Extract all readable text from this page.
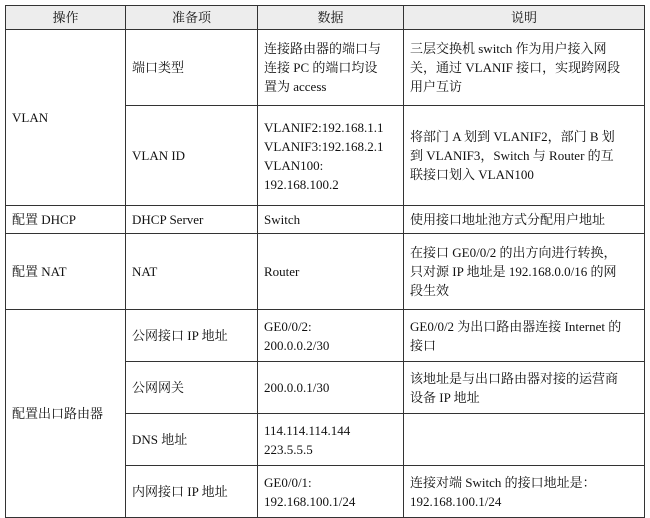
操作	准备项	数据	说明
VLAN	端口类型	连接路由器的端口与
连接 PC 的端口均设
置为 access	三层交换机 switch 作为用户接入网
关，通过 VLANIF 接口，实现跨网段
用户互访
	VLAN ID	VLANIF2:192.168.1.1
VLANIF3:192.168.2.1
VLAN100:
192.168.100.2	将部门 A 划到 VLANIF2，部门 B 划
到 VLANIF3，Switch 与 Router 的互
联接口划入 VLAN100
配置 DHCP	DHCP Server	Switch	使用接口地址池方式分配用户地址
配置 NAT	NAT	Router	在接口 GE0/0/2 的出方向进行转换，
只对源 IP 地址是 192.168.0.0/16 的网
段生效
配置出口路由器	公网接口 IP 地址	GE0/0/2:
200.0.0.2/30	GE0/0/2 为出口路由器连接 Internet 的
接口
	公网网关	200.0.0.1/30	该地址是与出口路由器对接的运营商
设备 IP 地址
	DNS 地址	114.114.114.144
223.5.5.5	
	内网接口 IP 地址	GE0/0/1:
192.168.100.1/24	连接对端 Switch 的接口地址是：
192.168.100.1/24
